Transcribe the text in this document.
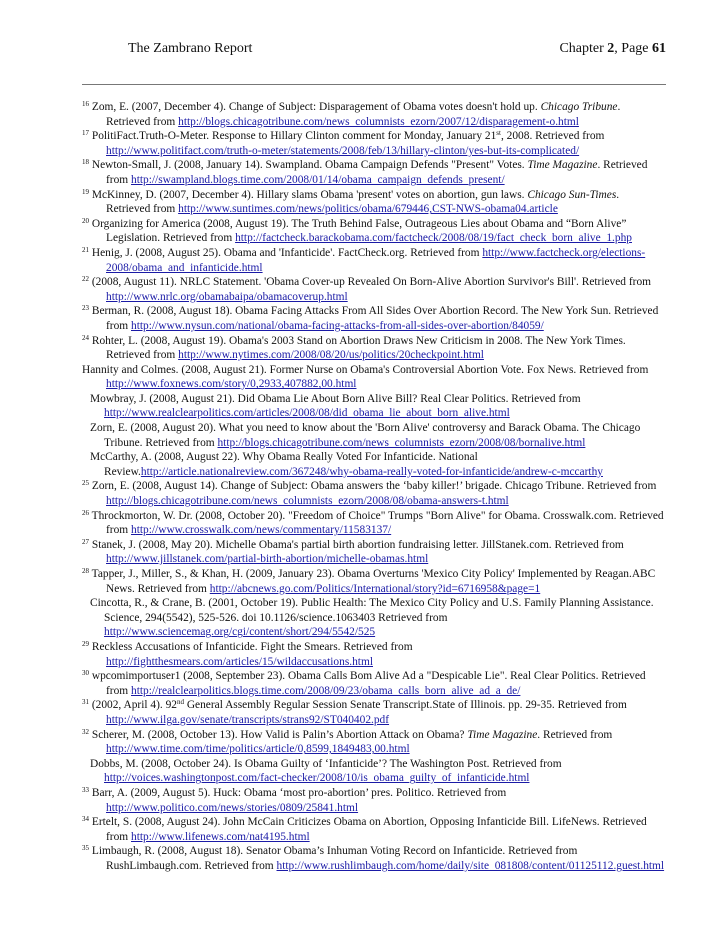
The Zambrano Report	Chapter 2, Page 61

$^{16}$ Zom, E. (2007, December 4). Change of Subject: Disparagement of Obama votes doesn't hold up. Chicago Tribune. Retrieved from http://blogs.chicagotribune.com/news_columnists_ezorn/2007/12/disparagement-o.html

$^{17}$ PolitiFact.Truth-O-Meter. Response to Hillary Clinton comment for Monday, January 21st, 2008. Retrieved from http://www.politifact.com/truth-o-meter/statements/2008/feb/13/hillary-clinton/yes-but-its-complicated/

$^{18}$ Newton-Small, J. (2008, January 14). Swampland. Obama Campaign Defends "Present" Votes. Time Magazine. Retrieved from http://swampland.blogs.time.com/2008/01/14/obama_campaign_defends_present/

$^{19}$ McKinney, D. (2007, December 4). Hillary slams Obama 'present' votes on abortion, gun laws. Chicago Sun-Times. Retrieved from http://www.suntimes.com/news/politics/obama/679446,CST-NWS-obama04.article

$^{20}$ Organizing for America (2008, August 19). The Truth Behind False, Outrageous Lies about Obama and “Born Alive” Legislation. Retrieved from http://factcheck.barackobama.com/factcheck/2008/08/19/fact_check_born_alive_1.php

$^{21}$ Henig, J. (2008, August 25). Obama and 'Infanticide'. FactCheck.org. Retrieved from http://www.factcheck.org/elections-2008/obama_and_infanticide.html

$^{22}$ (2008, August 11). NRLC Statement. 'Obama Cover-up Revealed On Born-Alive Abortion Survivor's Bill'. Retrieved from http://www.nrlc.org/obamabaipa/obamacoverup.html

$^{23}$ Berman, R. (2008, August 18). Obama Facing Attacks From All Sides Over Abortion Record. The New York Sun. Retrieved from http://www.nysun.com/national/obama-facing-attacks-from-all-sides-over-abortion/84059/

$^{24}$ Rohter, L. (2008, August 19). Obama's 2003 Stand on Abortion Draws New Criticism in 2008. The New York Times. Retrieved from http://www.nytimes.com/2008/08/20/us/politics/20checkpoint.html

Hannity and Colmes. (2008, August 21). Former Nurse on Obama's Controversial Abortion Vote. Fox News. Retrieved from http://www.foxnews.com/story/0,2933,407882,00.html

Mowbray, J. (2008, August 21). Did Obama Lie About Born Alive Bill? Real Clear Politics. Retrieved from http://www.realclearpolitics.com/articles/2008/08/did_obama_lie_about_born_alive.html

Zorn, E. (2008, August 20). What you need to know about the 'Born Alive' controversy and Barack Obama. The Chicago Tribune. Retrieved from http://blogs.chicagotribune.com/news_columnists_ezorn/2008/08/bornalive.html

McCarthy, A. (2008, August 22). Why Obama Really Voted For Infanticide. National Review.http://article.nationalreview.com/367248/why-obama-really-voted-for-infanticide/andrew-c-mccarthy

$^{25}$ Zorn, E. (2008, August 14). Change of Subject: Obama answers the ‘baby killer!’ brigade. Chicago Tribune. Retrieved from http://blogs.chicagotribune.com/news_columnists_ezorn/2008/08/obama-answers-t.html

$^{26}$ Throckmorton, W. Dr. (2008, October 20). "Freedom of Choice" Trumps "Born Alive" for Obama. Crosswalk.com. Retrieved from http://www.crosswalk.com/news/commentary/11583137/

$^{27}$ Stanek, J. (2008, May 20). Michelle Obama's partial birth abortion fundraising letter. JillStanek.com. Retrieved from http://www.jillstanek.com/partial-birth-abortion/michelle-obamas.html

$^{28}$ Tapper, J., Miller, S., & Khan, H. (2009, January 23). Obama Overturns 'Mexico City Policy' Implemented by Reagan.ABC News. Retrieved from http://abcnews.go.com/Politics/International/story?id=6716958&page=1

Cincotta, R., & Crane, B. (2001, October 19). Public Health: The Mexico City Policy and U.S. Family Planning Assistance. Science, 294(5542), 525-526. doi 10.1126/science.1063403 Retrieved from http://www.sciencemag.org/cgi/content/short/294/5542/525

$^{29}$ Reckless Accusations of Infanticide. Fight the Smears. Retrieved from http://fightthesmears.com/articles/15/wildaccusations.html

$^{30}$ wpcomimportuser1 (2008, September 23). Obama Calls Bom Alive Ad a "Despicable Lie". Real Clear Politics. Retrieved from http://realclearpolitics.blogs.time.com/2008/09/23/obama_calls_born_alive_ad_a_de/

$^{31}$ (2002, April 4). 92nd General Assembly Regular Session Senate Transcript.State of Illinois. pp. 29-35. Retrieved from http://www.ilga.gov/senate/transcripts/strans92/ST040402.pdf

$^{32}$ Scherer, M. (2008, October 13). How Valid is Palin’s Abortion Attack on Obama? Time Magazine. Retrieved from http://www.time.com/time/politics/article/0,8599,1849483,00.html

Dobbs, M. (2008, October 24). Is Obama Guilty of ‘Infanticide’? The Washington Post. Retrieved from http://voices.washingtonpost.com/fact-checker/2008/10/is_obama_guilty_of_infanticide.html

$^{33}$ Barr, A. (2009, August 5). Huck: Obama ‘most pro-abortion’ pres. Politico. Retrieved from http://www.politico.com/news/stories/0809/25841.html

$^{34}$ Ertelt, S. (2008, August 24). John McCain Criticizes Obama on Abortion, Opposing Infanticide Bill. LifeNews. Retrieved from http://www.lifenews.com/nat4195.html

$^{35}$ Limbaugh, R. (2008, August 18). Senator Obama’s Inhuman Voting Record on Infanticide. Retrieved from RushLimbaugh.com. Retrieved from http://www.rushlimbaugh.com/home/daily/site_081808/content/01125112.guest.html
